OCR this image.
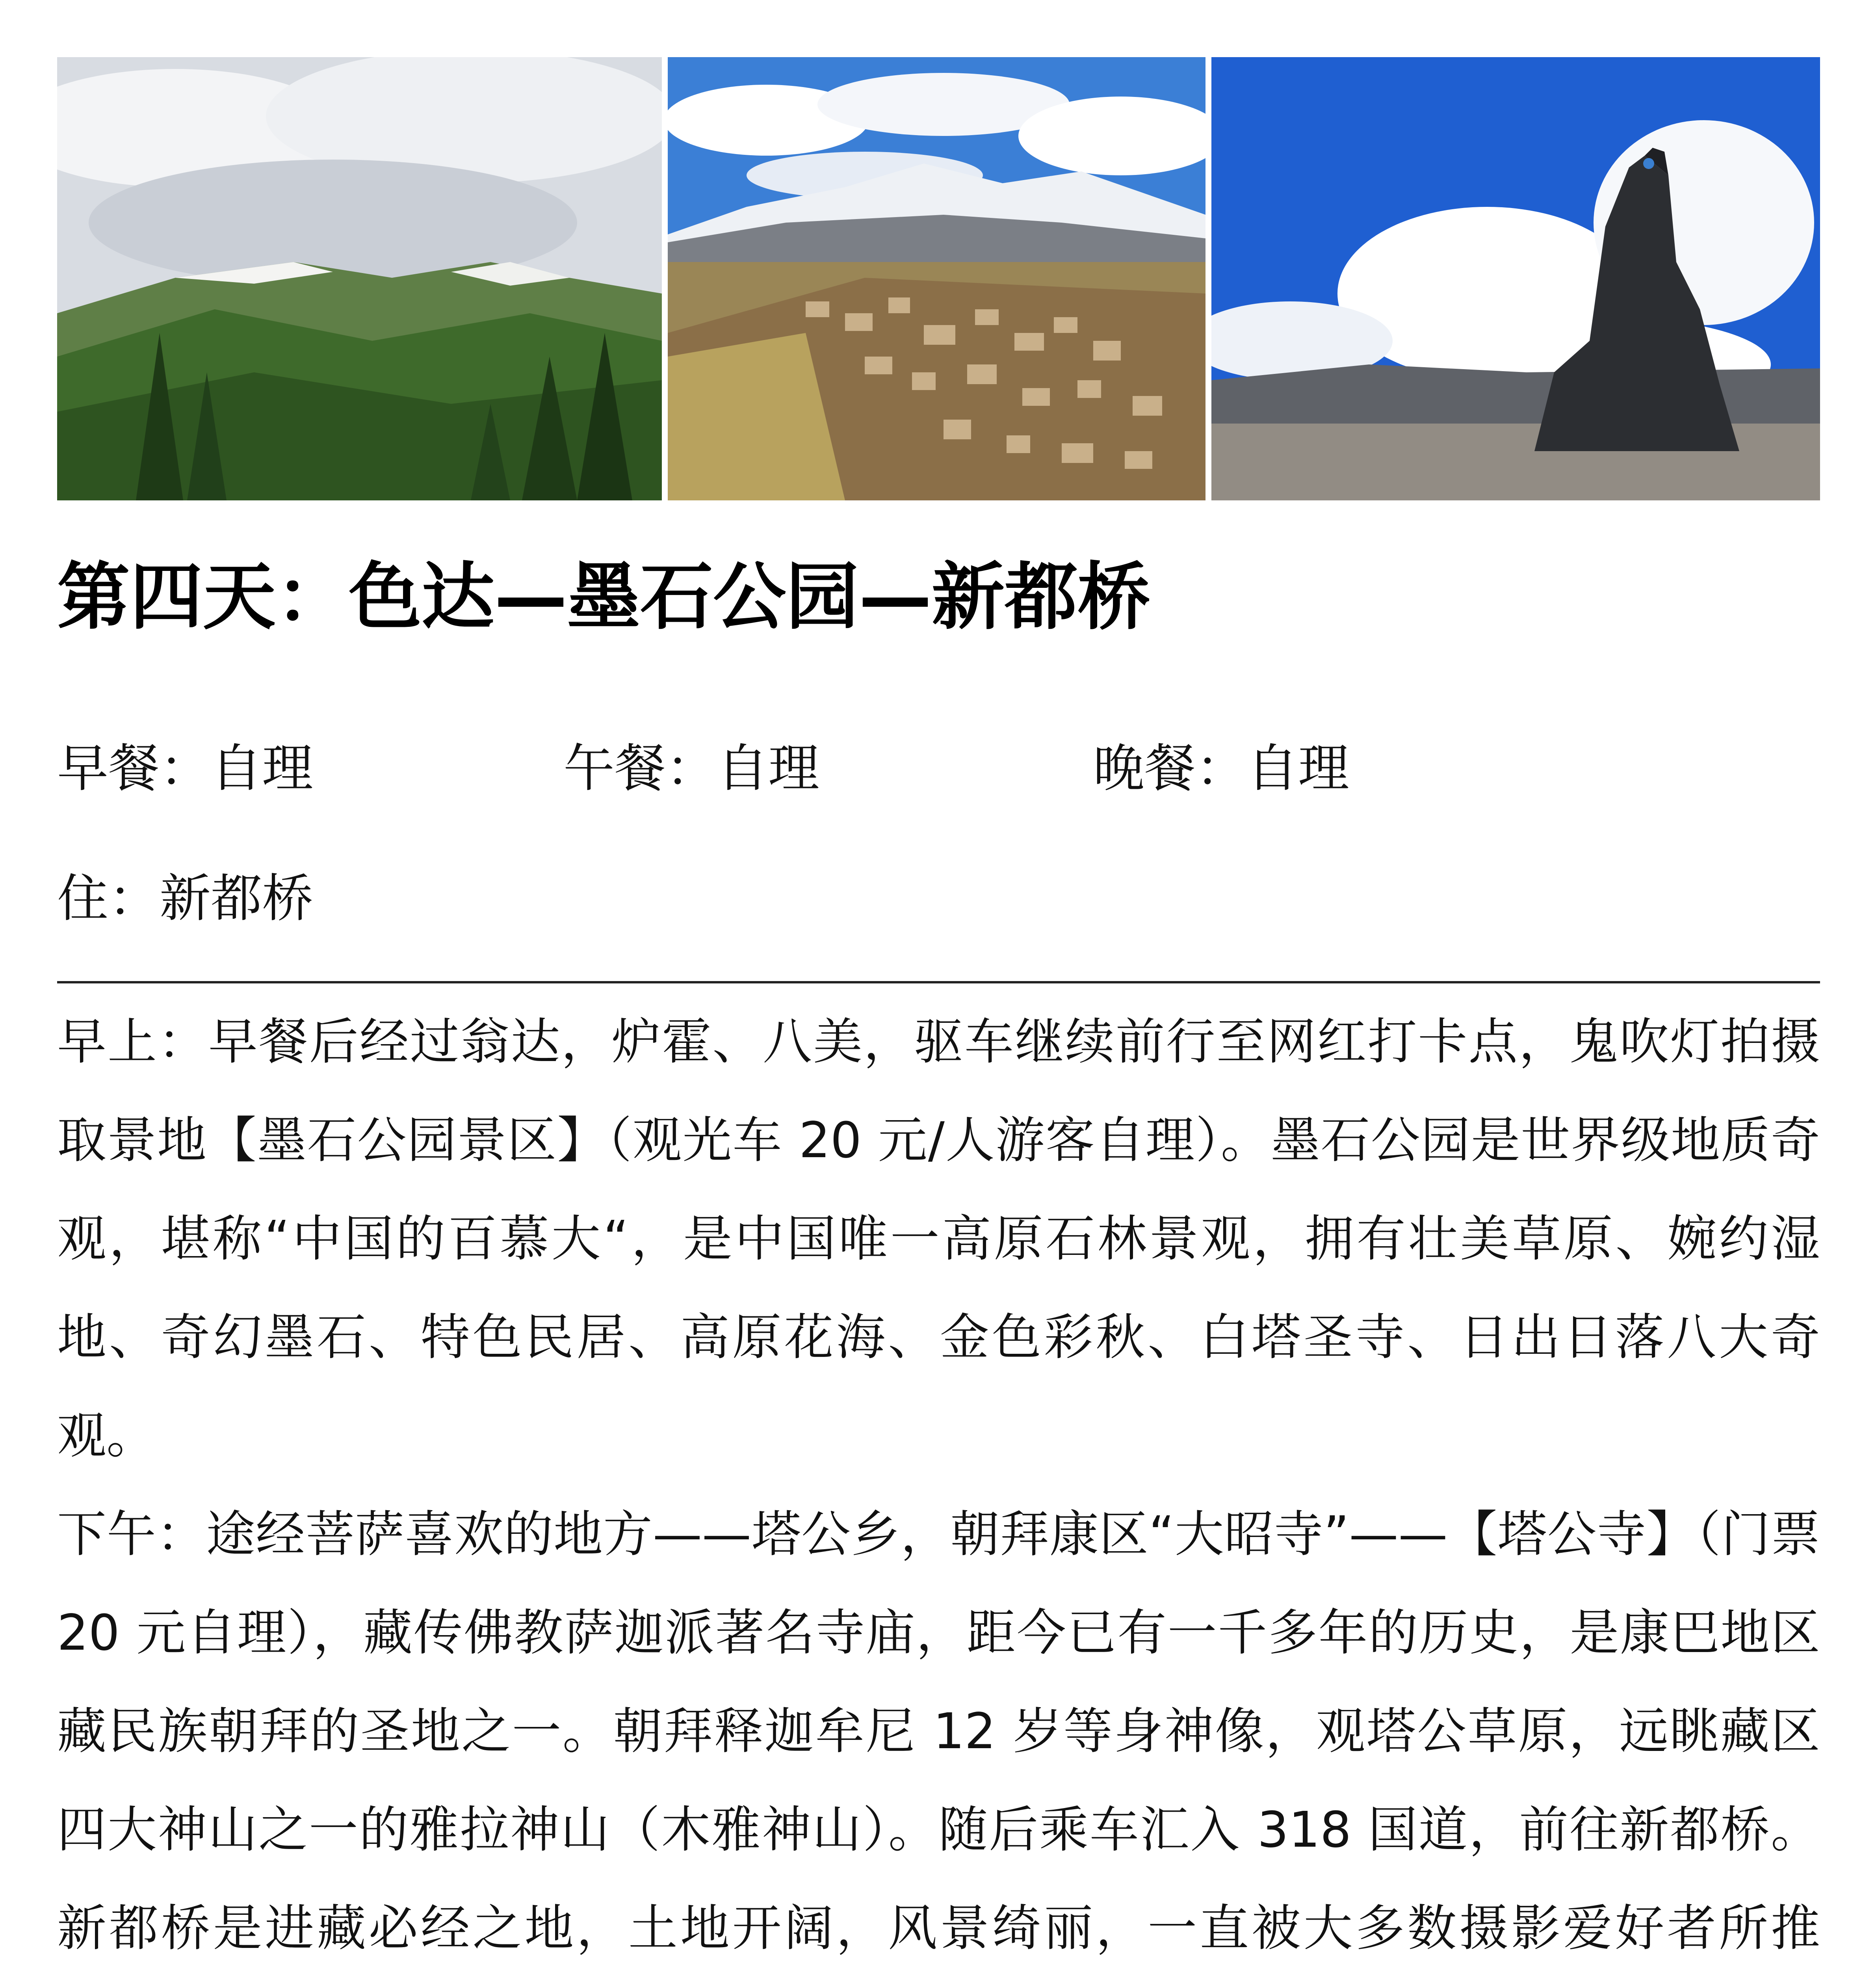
第四天：色达—墨石公园—新都桥
早餐：自理	午餐：自理	晚餐：自理
住：新都桥

早上：早餐后经过翁达，炉霍、八美，驱车继续前行至网红打卡点，鬼吹灯拍摄取景地【墨石公园景区】（观光车 20 元/人游客自理）。墨石公园是世界级地质奇观，堪称“中国的百慕大“，是中国唯一高原石林景观，拥有壮美草原、婉约湿地、奇幻墨石、特色民居、高原花海、金色彩秋、白塔圣寺、日出日落八大奇观。

下午：途经菩萨喜欢的地方——塔公乡，朝拜康区“大昭寺”——【塔公寺】（门票 20 元自理），藏传佛教萨迦派著名寺庙，距今已有一千多年的历史，是康巴地区藏民族朝拜的圣地之一。朝拜释迦牟尼 12 岁等身神像，观塔公草原，远眺藏区四大神山之一的雅拉神山（木雅神山）。随后乘车汇入 318 国道，前往新都桥。新都桥是进藏必经之地，土地开阔，风景绮丽，一直被大多数摄影爱好者所推
